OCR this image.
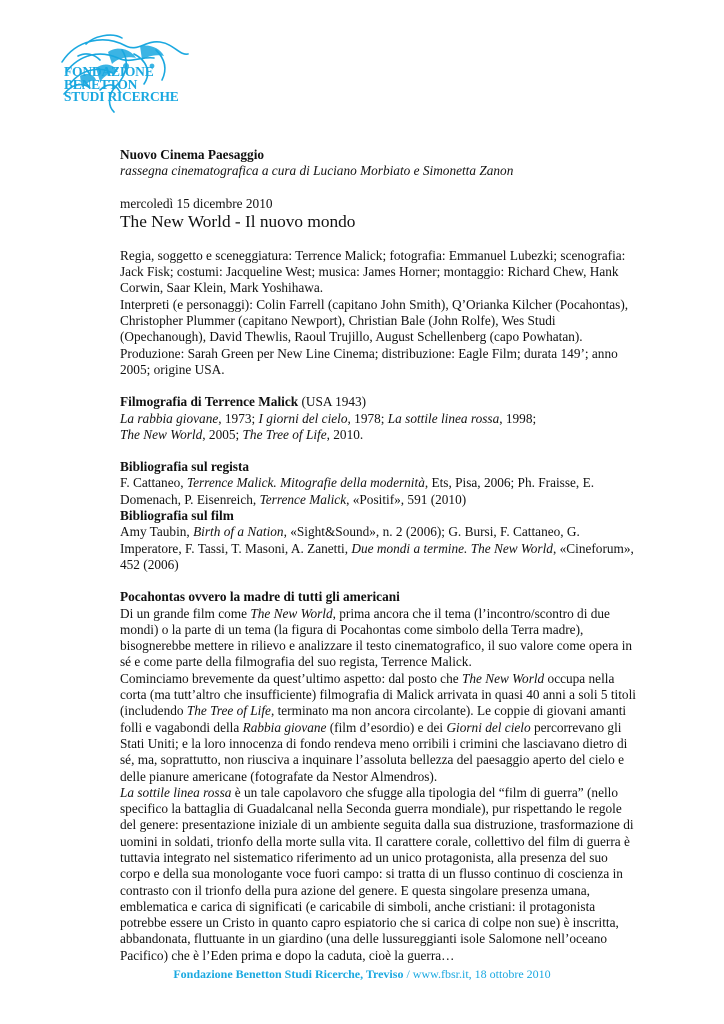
FONDAZIONE
BENETTON
STUDI RICERCHE

Nuovo Cinema Paesaggio

rassegna cinematografica a cura di Luciano Morbiato e Simonetta Zanon

mercoledì 15 dicembre 2010

The New World - Il nuovo mondo

Regia, soggetto e sceneggiatura: Terrence Malick; fotografia: Emmanuel Lubezki; scenografia: Jack Fisk; costumi: Jacqueline West; musica: James Horner; montaggio: Richard Chew, Hank Corwin, Saar Klein, Mark Yoshihawa.

Interpreti (e personaggi): Colin Farrell (capitano John Smith), Q’Orianka Kilcher (Pocahontas), Christopher Plummer (capitano Newport), Christian Bale (John Rolfe), Wes Studi (Opechanough), David Thewlis, Raoul Trujillo, August Schellenberg (capo Powhatan).

Produzione: Sarah Green per New Line Cinema; distribuzione: Eagle Film; durata 149’; anno 2005; origine USA.

Filmografia di Terrence Malick (USA 1943)

La rabbia giovane, 1973; I giorni del cielo, 1978; La sottile linea rossa, 1998;
The New World, 2005; The Tree of Life, 2010.

Bibliografia sul regista

F. Cattaneo, Terrence Malick. Mitografie della modernità, Ets, Pisa, 2006; Ph. Fraisse, E. Domenach, P. Eisenreich, Terrence Malick, «Positif», 591 (2010)

Bibliografia sul film

Amy Taubin, Birth of a Nation, «Sight&Sound», n. 2 (2006); G. Bursi, F. Cattaneo, G. Imperatore, F. Tassi, T. Masoni, A. Zanetti, Due mondi a termine. The New World, «Cineforum», 452 (2006)

Pocahontas ovvero la madre di tutti gli americani

Di un grande film come The New World, prima ancora che il tema (l’incontro/scontro di due mondi) o la parte di un tema (la figura di Pocahontas come simbolo della Terra madre), bisognerebbe mettere in rilievo e analizzare il testo cinematografico, il suo valore come opera in sé e come parte della filmografia del suo regista, Terrence Malick.

Cominciamo brevemente da quest’ultimo aspetto: dal posto che The New World occupa nella corta (ma tutt’altro che insufficiente) filmografia di Malick arrivata in quasi 40 anni a soli 5 titoli (includendo The Tree of Life, terminato ma non ancora circolante). Le coppie di giovani amanti folli e vagabondi della Rabbia giovane (film d’esordio) e dei Giorni del cielo percorrevano gli Stati Uniti; e la loro innocenza di fondo rendeva meno orribili i crimini che lasciavano dietro di sé, ma, soprattutto, non riusciva a inquinare l’assoluta bellezza del paesaggio aperto del cielo e delle pianure americane (fotografate da Nestor Almendros).

La sottile linea rossa è un tale capolavoro che sfugge alla tipologia del “film di guerra” (nello specifico la battaglia di Guadalcanal nella Seconda guerra mondiale), pur rispettando le regole del genere: presentazione iniziale di un ambiente seguita dalla sua distruzione, trasformazione di uomini in soldati, trionfo della morte sulla vita. Il carattere corale, collettivo del film di guerra è tuttavia integrato nel sistematico riferimento ad un unico protagonista, alla presenza del suo corpo e della sua monologante voce fuori campo: si tratta di un flusso continuo di coscienza in contrasto con il trionfo della pura azione del genere. E questa singolare presenza umana, emblematica e carica di significati (e caricabile di simboli, anche cristiani: il protagonista potrebbe essere un Cristo in quanto capro espiatorio che si carica di colpe non sue) è inscritta, abbandonata, fluttuante in un giardino (una delle lussureggianti isole Salomone nell’oceano Pacifico) che è l’Eden prima e dopo la caduta, cioè la guerra…

Fondazione Benetton Studi Ricerche, Treviso / www.fbsr.it, 18 ottobre 2010
